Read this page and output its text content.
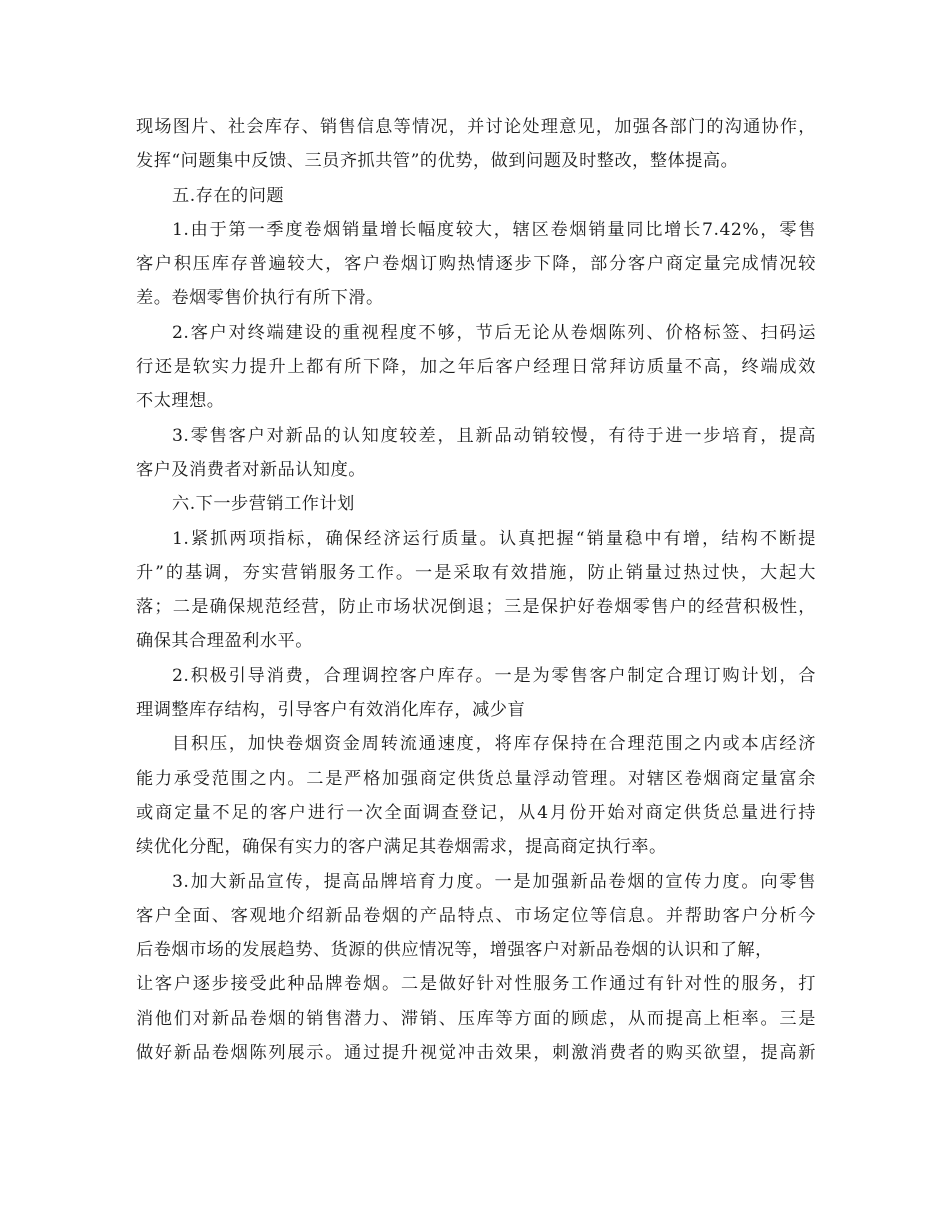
现场图片、社会库存、销售信息等情况，并讨论处理意见，加强各部门的沟通协作，
发挥“问题集中反馈、三员齐抓共管”的优势，做到问题及时整改，整体提高。
五.存在的问题
1.由于第一季度卷烟销量增长幅度较大，辖区卷烟销量同比增长7.42%，零售
客户积压库存普遍较大，客户卷烟订购热情逐步下降，部分客户商定量完成情况较
差。卷烟零售价执行有所下滑。
2.客户对终端建设的重视程度不够，节后无论从卷烟陈列、价格标签、扫码运
行还是软实力提升上都有所下降，加之年后客户经理日常拜访质量不高，终端成效
不太理想。
3.零售客户对新品的认知度较差，且新品动销较慢，有待于进一步培育，提高
客户及消费者对新品认知度。
六.下一步营销工作计划
1.紧抓两项指标，确保经济运行质量。认真把握“销量稳中有增，结构不断提
升”的基调，夯实营销服务工作。一是采取有效措施，防止销量过热过快，大起大
落；二是确保规范经营，防止市场状况倒退；三是保护好卷烟零售户的经营积极性，
确保其合理盈利水平。
2.积极引导消费，合理调控客户库存。一是为零售客户制定合理订购计划，合
理调整库存结构，引导客户有效消化库存，减少盲
目积压，加快卷烟资金周转流通速度，将库存保持在合理范围之内或本店经济
能力承受范围之内。二是严格加强商定供货总量浮动管理。对辖区卷烟商定量富余
或商定量不足的客户进行一次全面调查登记，从4月份开始对商定供货总量进行持
续优化分配，确保有实力的客户满足其卷烟需求，提高商定执行率。
3.加大新品宣传，提高品牌培育力度。一是加强新品卷烟的宣传力度。向零售
客户全面、客观地介绍新品卷烟的产品特点、市场定位等信息。并帮助客户分析今
后卷烟市场的发展趋势、货源的供应情况等，增强客户对新品卷烟的认识和了解，
让客户逐步接受此种品牌卷烟。二是做好针对性服务工作通过有针对性的服务，打
消他们对新品卷烟的销售潜力、滞销、压库等方面的顾虑，从而提高上柜率。三是
做好新品卷烟陈列展示。通过提升视觉冲击效果，刺激消费者的购买欲望，提高新
